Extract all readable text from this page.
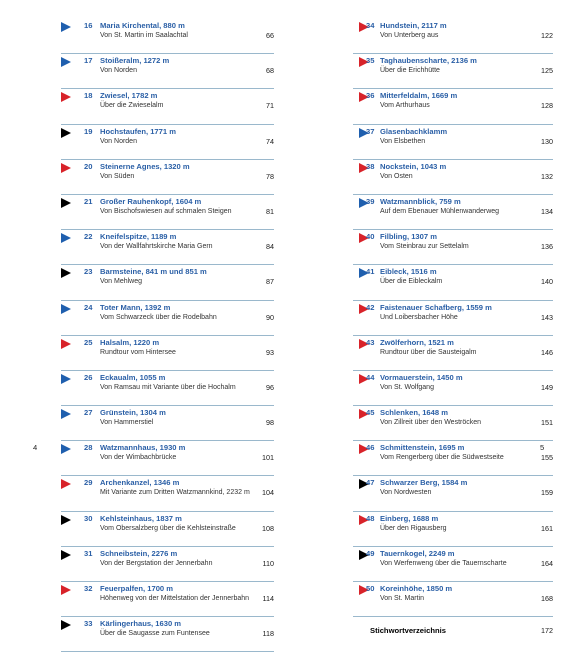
16 Maria Kirchental, 880 m
Von St. Martin im Saalachtal	66
17 Stoißeralm, 1272 m
Von Norden	68
18 Zwiesel, 1782 m
Über die Zwieselalm	71
19 Hochstaufen, 1771 m
Von Norden	74
20 Steinerne Agnes, 1320 m
Von Süden	78
21 Großer Rauhenkopf, 1604 m
Von Bischofswiesen auf schmalen Steigen	81
22 Kneifelspitze, 1189 m
Von der Wallfahrtskirche Maria Gern	84
23 Barmsteine, 841 m und 851 m
Von Mehlweg	87
24 Toter Mann, 1392 m
Vom Schwarzeck über die Rodelbahn	90
25 Halsalm, 1220 m
Rundtour vom Hintersee	93
26 Eckaualm, 1055 m
Von Ramsau mit Variante über die Hochalm	96
27 Grünstein, 1304 m
Von Hammerstiel	98
28 Watzmannhaus, 1930 m
Von der Wimbachbrücke	101
29 Archenkanzel, 1346 m
Mit Variante zum Dritten Watzmannkind, 2232 m 104
30 Kehlsteinhaus, 1837 m
Vom Obersalzberg über die Kehlsteinstraße	108
31 Schneibstein, 2276 m
Von der Bergstation der Jennerbahn	110
32 Feuerpalfen, 1700 m
Höhenweg von der Mittelstation der Jennerbahn 114
33 Kärlingerhaus, 1630 m
Über die Saugasse zum Funtensee	118
34 Hundstein, 2117 m
Von Unterberg aus	122
35 Taghaubenscharte, 2136 m
Über die Erichhütte	125
36 Mitterfeldalm, 1669 m
Vom Arthurhaus	128
37 Glasenbachklamm
Von Elsbethen	130
38 Nockstein, 1043 m
Von Osten	132
39 Watzmannblick, 759 m
Auf dem Ebenauer Mühlenwanderweg	134
40 Filbling, 1307 m
Vom Steinbrau zur Settelalm	136
41 Eibleck, 1516 m
Über die Eibleckalm	140
42 Faistenauer Schafberg, 1559 m
Und Loibersbacher Höhe	143
43 Zwölferhorn, 1521 m
Rundtour über die Sausteigalm	146
44 Vormauerstein, 1450 m
Von St. Wolfgang	149
45 Schlenken, 1648 m
Von Zillreit über den Weströcken	151
46 Schmittenstein, 1695 m
Vom Rengerberg über die Südwestseite	155
47 Schwarzer Berg, 1584 m
Von Nordwesten	159
48 Einberg, 1688 m
Über den Rigausberg	161
49 Tauernkogel, 2249 m
Von Werfenweng über die Tauernscharte	164
50 Koreinhöhe, 1850 m
Von St. Martin	168
Stichwortverzeichnis	172
4	5
